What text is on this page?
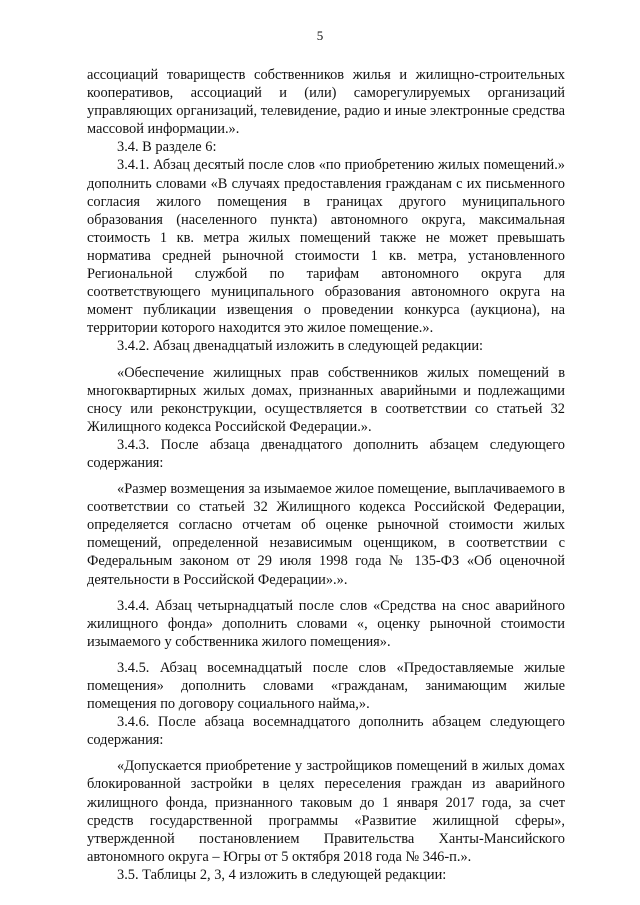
5

ассоциаций товариществ собственников жилья и жилищно-строительных кооперативов, ассоциаций и (или) саморегулируемых организаций управляющих организаций, телевидение, радио и иные электронные средства массовой информации.».

3.4. В разделе 6:

3.4.1. Абзац десятый после слов «по приобретению жилых помещений.» дополнить словами «В случаях предоставления гражданам с их письменного согласия жилого помещения в границах другого муниципального образования (населенного пункта) автономного округа, максимальная стоимость 1 кв. метра жилых помещений также не может превышать норматива средней рыночной стоимости 1 кв. метра, установленного Региональной службой по тарифам автономного округа для соответствующего муниципального образования автономного округа на момент публикации извещения о проведении конкурса (аукциона), на территории которого находится это жилое помещение.».

3.4.2. Абзац двенадцатый изложить в следующей редакции:

«Обеспечение жилищных прав собственников жилых помещений в многоквартирных жилых домах, признанных аварийными и подлежащими сносу или реконструкции, осуществляется в соответствии со статьей 32 Жилищного кодекса Российской Федерации.».

3.4.3. После абзаца двенадцатого дополнить абзацем следующего содержания:

«Размер возмещения за изымаемое жилое помещение, выплачиваемого в соответствии со статьей 32 Жилищного кодекса Российской Федерации, определяется согласно отчетам об оценке рыночной стоимости жилых помещений, определенной независимым оценщиком, в соответствии с Федеральным законом от 29 июля 1998 года № 135-ФЗ «Об оценочной деятельности в Российской Федерации».».

3.4.4. Абзац четырнадцатый после слов «Средства на снос аварийного жилищного фонда» дополнить словами «, оценку рыночной стоимости изымаемого у собственника жилого помещения».

3.4.5. Абзац восемнадцатый после слов «Предоставляемые жилые помещения» дополнить словами «гражданам, занимающим жилые помещения по договору социального найма,».

3.4.6. После абзаца восемнадцатого дополнить абзацем следующего содержания:

«Допускается приобретение у застройщиков помещений в жилых домах блокированной застройки в целях переселения граждан из аварийного жилищного фонда, признанного таковым до 1 января 2017 года, за счет средств государственной программы «Развитие жилищной сферы», утвержденной постановлением Правительства Ханты-Мансийского автономного округа – Югры от 5 октября 2018 года № 346-п.».

3.5. Таблицы 2, 3, 4 изложить в следующей редакции:
